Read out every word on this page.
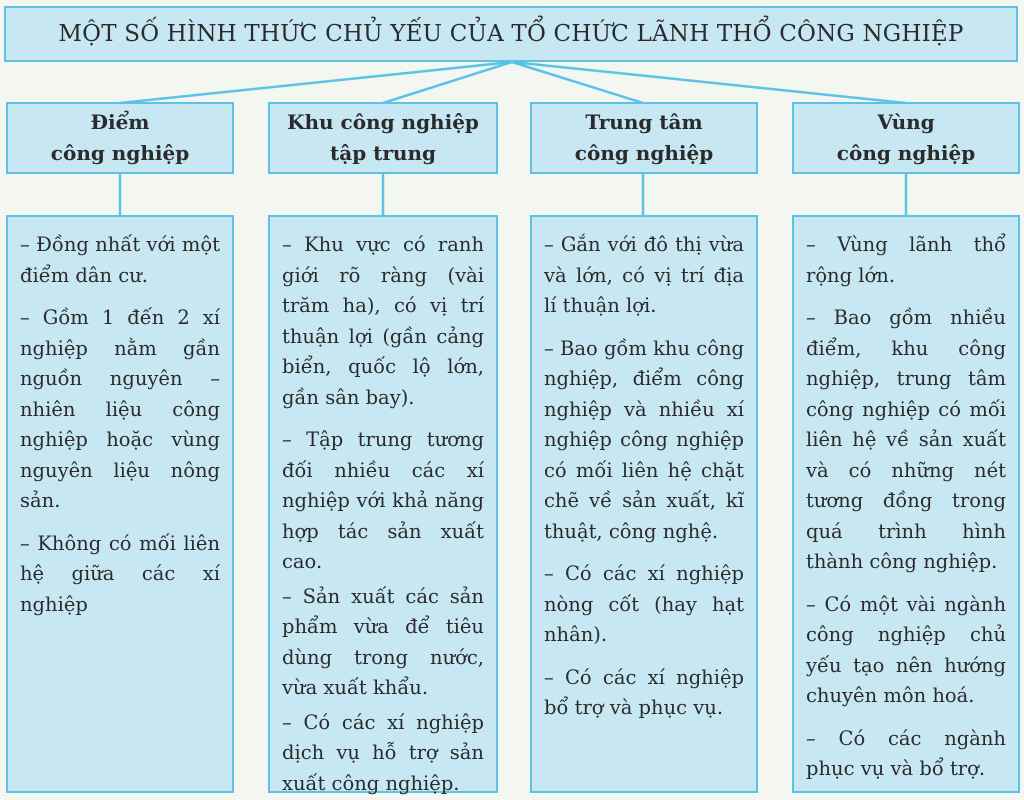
MỘT SỐ HÌNH THỨC CHỦ YẾU CỦA TỔ CHỨC LÃNH THỔ CÔNG NGHIỆP
Điểm
công nghiệp

– Đồng nhất với một điểm dân cư.

– Gồm 1 đến 2 xí nghiệp nằm gần nguồn nguyên – nhiên liệu công nghiệp hoặc vùng nguyên liệu nông sản.

– Không có mối liên hệ giữa các xí nghiệp

Khu công nghiệp
tập trung

– Khu vực có ranh giới rõ ràng (vài trăm ha), có vị trí thuận lợi (gần cảng biển, quốc lộ lớn, gần sân bay).

– Tập trung tương đối nhiều các xí nghiệp với khả năng hợp tác sản xuất cao.

– Sản xuất các sản phẩm vừa để tiêu dùng trong nước, vừa xuất khẩu.

– Có các xí nghiệp dịch vụ hỗ trợ sản xuất công nghiệp.

Trung tâm
công nghiệp

– Gắn với đô thị vừa và lớn, có vị trí địa lí thuận lợi.

– Bao gồm khu công nghiệp, điểm công nghiệp và nhiều xí nghiệp công nghiệp có mối liên hệ chặt chẽ về sản xuất, kĩ thuật, công nghệ.

– Có các xí nghiệp nòng cốt (hay hạt nhân).

– Có các xí nghiệp bổ trợ và phục vụ.

Vùng
công nghiệp

– Vùng lãnh thổ rộng lớn.

– Bao gồm nhiều điểm, khu công nghiệp, trung tâm công nghiệp có mối liên hệ về sản xuất và có những nét tương đồng trong quá trình hình thành công nghiệp.

– Có một vài ngành công nghiệp chủ yếu tạo nên hướng chuyên môn hoá.

– Có các ngành phục vụ và bổ trợ.
